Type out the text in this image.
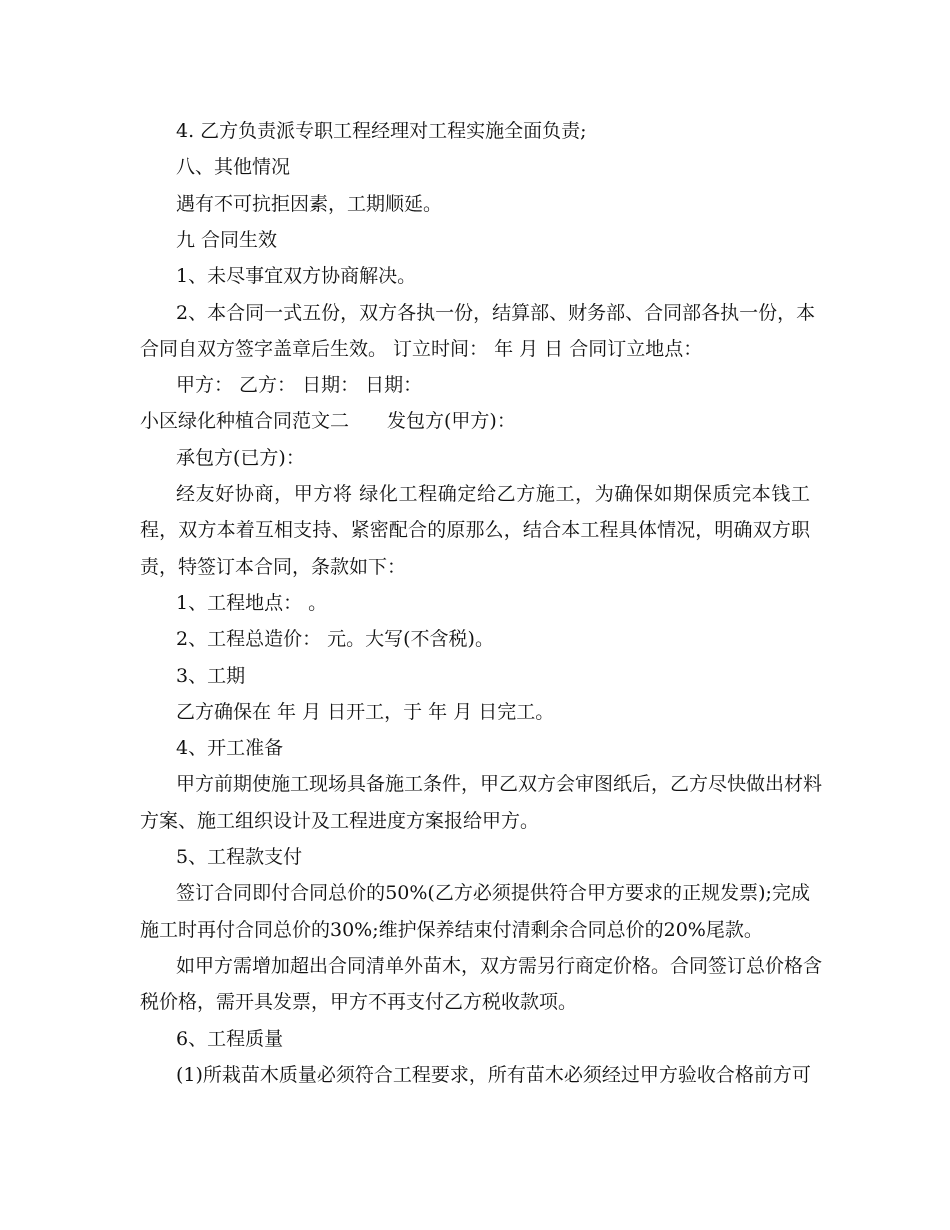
4. 乙方负责派专职工程经理对工程实施全面负责;
八、其他情况
遇有不可抗拒因素，工期顺延。
九 合同生效
1、未尽事宜双方协商解决。
2、本合同一式五份，双方各执一份，结算部、财务部、合同部各执一份，本
合同自双方签字盖章后生效。 订立时间： 年 月 日 合同订立地点：
甲方： 乙方： 日期： 日期：
小区绿化种植合同范文二　　发包方(甲方)：
承包方(已方)：
经友好协商，甲方将 绿化工程确定给乙方施工，为确保如期保质完本钱工
程，双方本着互相支持、紧密配合的原那么，结合本工程具体情况，明确双方职
责，特签订本合同，条款如下：
1、工程地点： 。
2、工程总造价： 元。大写(不含税)。
3、工期
乙方确保在 年 月 日开工，于 年 月 日完工。
4、开工准备
甲方前期使施工现场具备施工条件，甲乙双方会审图纸后，乙方尽快做出材料
方案、施工组织设计及工程进度方案报给甲方。
5、工程款支付
签订合同即付合同总价的50%(乙方必须提供符合甲方要求的正规发票);完成
施工时再付合同总价的30%;维护保养结束付清剩余合同总价的20%尾款。
如甲方需增加超出合同清单外苗木，双方需另行商定价格。合同签订总价格含
税价格，需开具发票，甲方不再支付乙方税收款项。
6、工程质量
(1)所栽苗木质量必须符合工程要求，所有苗木必须经过甲方验收合格前方可
